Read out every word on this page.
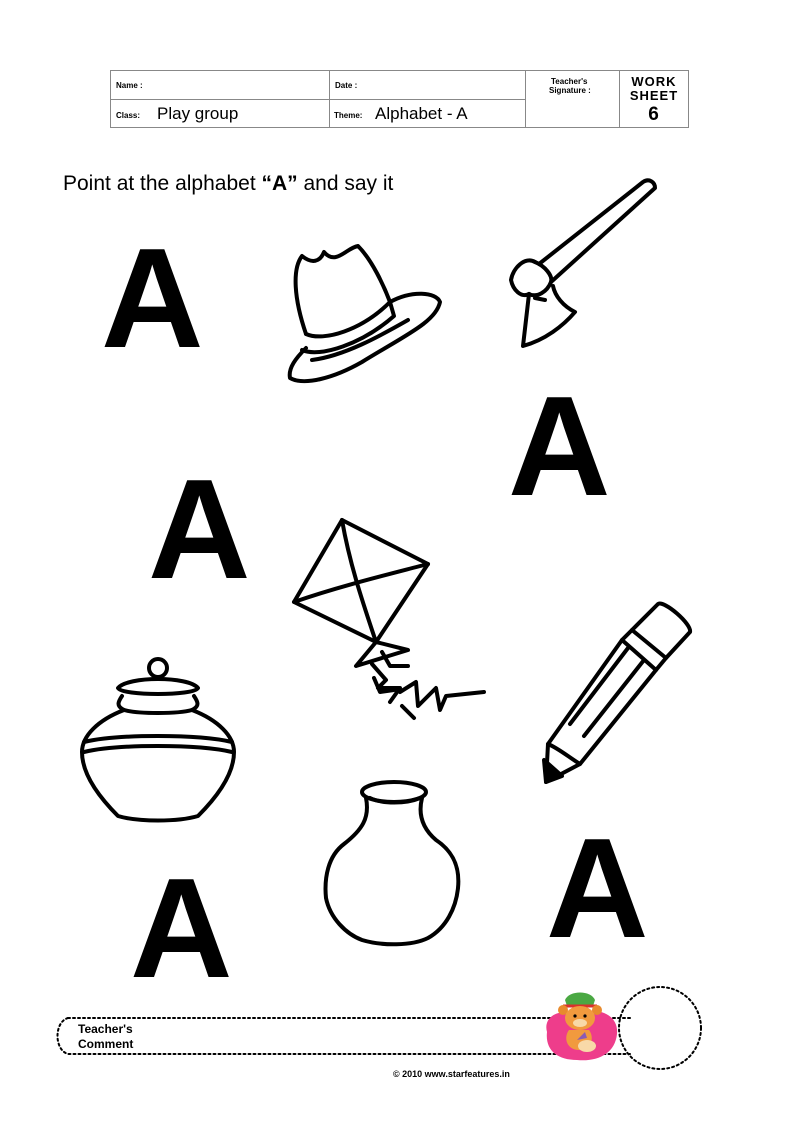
Name :
Class: Play group
Date :
Theme: Alphabet - A
Teacher's
Signature :
WORK
SHEET
6
Point at the alphabet “A” and say it
A
A
A
A
A
Teacher's
Comment
© 2010 www.starfeatures.in
